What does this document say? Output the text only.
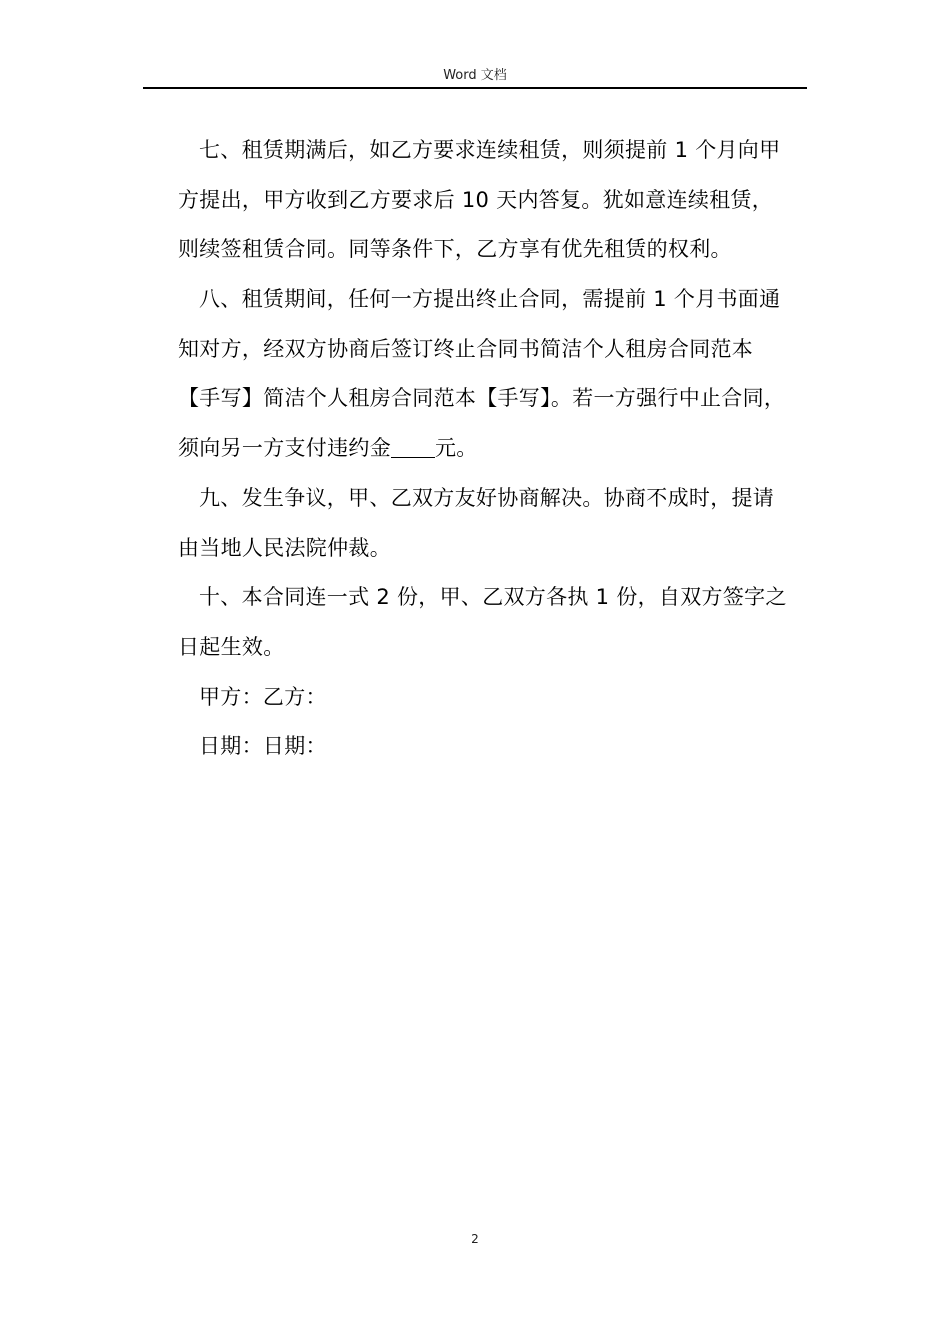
Word 文档
七、租赁期满后，如乙方要求连续租赁，则须提前 1 个月向甲
方提出，甲方收到乙方要求后 10 天内答复。犹如意连续租赁，
则续签租赁合同。同等条件下，乙方享有优先租赁的权利。
八、租赁期间，任何一方提出终止合同，需提前 1 个月书面通
知对方，经双方协商后签订终止合同书简洁个人租房合同范本
【手写】简洁个人租房合同范本【手写】。若一方强行中止合同，
须向另一方支付违约金 元。
九、发生争议，甲、乙双方友好协商解决。协商不成时，提请
由当地人民法院仲裁。
十、本合同连一式 2 份，甲、乙双方各执 1 份，自双方签字之
日起生效。
甲方：乙方：
日期：日期：
2
